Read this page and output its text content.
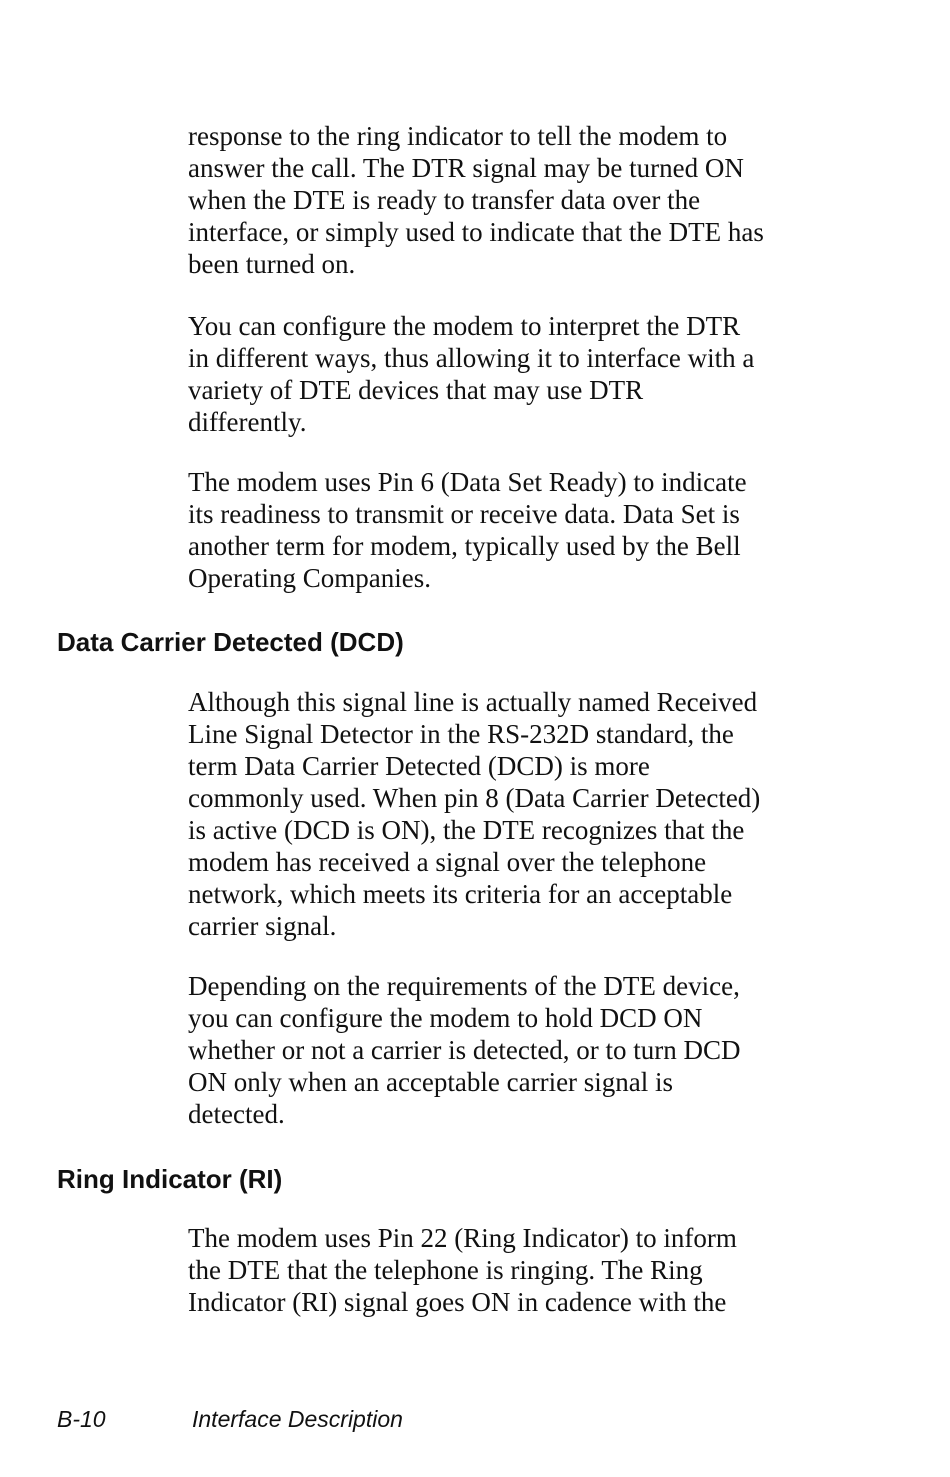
response to the ring indicator to tell the modem to
answer the call. The DTR signal may be turned ON
when the DTE is ready to transfer data over the
interface, or simply used to indicate that the DTE has
been turned on.

You can configure the modem to interpret the DTR
in different ways, thus allowing it to interface with a
variety of DTE devices that may use DTR
differently.

The modem uses Pin 6 (Data Set Ready) to indicate
its readiness to transmit or receive data. Data Set is
another term for modem, typically used by the Bell
Operating Companies.

Data Carrier Detected (DCD)

Although this signal line is actually named Received
Line Signal Detector in the RS-232D standard, the
term Data Carrier Detected (DCD) is more
commonly used. When pin 8 (Data Carrier Detected)
is active (DCD is ON), the DTE recognizes that the
modem has received a signal over the telephone
network, which meets its criteria for an acceptable
carrier signal.

Depending on the requirements of the DTE device,
you can configure the modem to hold DCD ON
whether or not a carrier is detected, or to turn DCD
ON only when an acceptable carrier signal is
detected.

Ring Indicator (RI)

The modem uses Pin 22 (Ring Indicator) to inform
the DTE that the telephone is ringing. The Ring
Indicator (RI) signal goes ON in cadence with the

B-10	Interface Description
